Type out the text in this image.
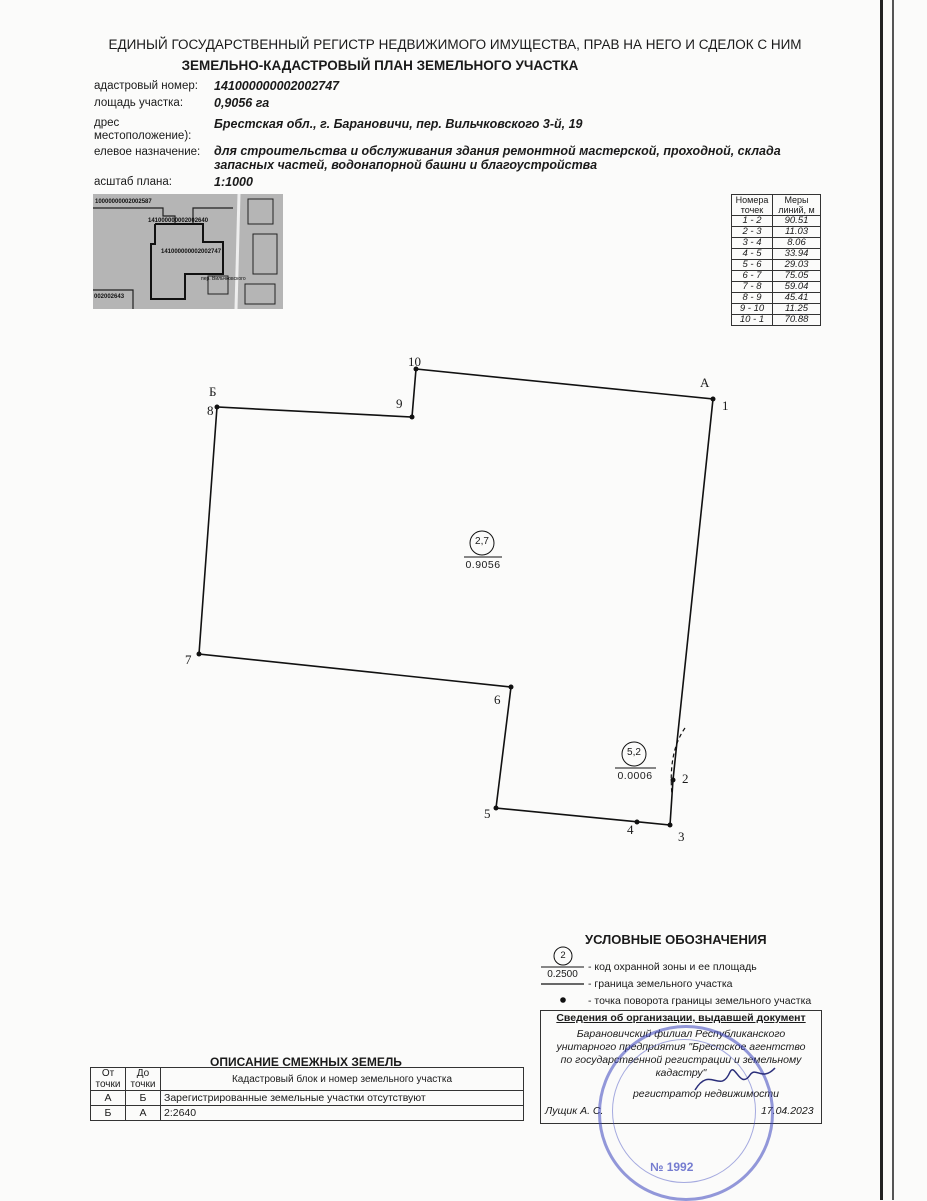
ЕДИНЫЙ ГОСУДАРСТВЕННЫЙ РЕГИСТР НЕДВИЖИМОГО ИМУЩЕСТВА, ПРАВ НА НЕГО И СДЕЛОК С НИМ
ЗЕМЕЛЬНО-КАДАСТРОВЫЙ ПЛАН ЗЕМЕЛЬНОГО УЧАСТКА
адастровый номер: 141000000002002747
лощадь участка: 0,9056 га
дрес
местоположение):
Брестская обл., г. Барановичи, пер. Вильчковского 3-й, 19
елевое назначение: для строительства и обслуживания здания ремонтной мастерской, проходной, склада
запасных частей, водонапорной башни и благоустройства
асштаб плана:	1:1000
10000000002002587
141000000002002640
141000000002002747
пер. Вильчковского
002002643
Номера точек	Меры линий, м
1 - 2	90.51
2 - 3	11.03
3 - 4	8.06
4 - 5	33.94
5 - 6	29.03
6 - 7	75.05
7 - 8	59.04
8 - 9	45.41
9 - 10	11.25
10 - 1	70.88
1
2
3
4
5
6
7
8	9
10
А
Б
2,7
0.9056
5,2
0.0006
УСЛОВНЫЕ ОБОЗНАЧЕНИЯ
2
0.2500
- код охранной зоны и ее площадь
- граница земельного участка
- точка поворота границы земельного участка
Сведения об организации, выдавшей документ
Барановичский филиал Республиканского
унитарного предприятия "Брестское агентство
по государственной регистрации и земельному
кадастру"
регистратор недвижимости
Лущик А. С.	17.04.2023
№ 1992
ОПИСАНИЕ СМЕЖНЫХ ЗЕМЕЛЬ
От точки	До точки	Кадастровый блок и номер земельного участка
А	Б	Зарегистрированные земельные участки отсутствуют
Б	А	2:2640
